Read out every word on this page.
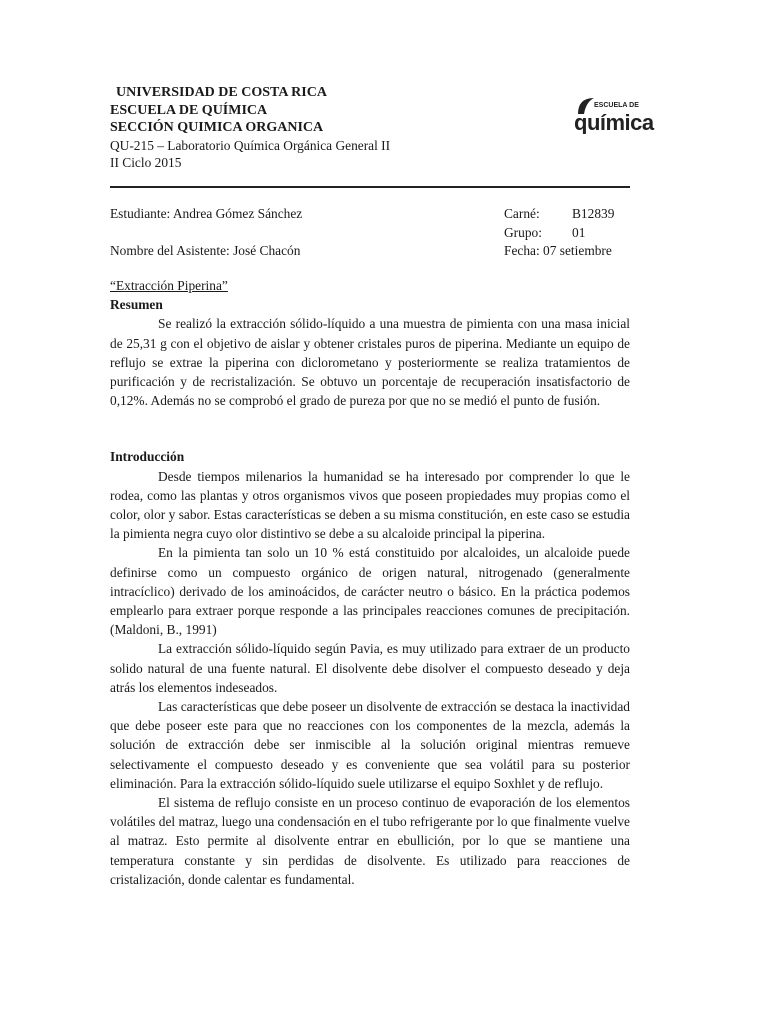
UNIVERSIDAD DE COSTA RICA
ESCUELA DE QUÍMICA
SECCIÓN QUIMICA ORGANICA
QU-215 – Laboratorio Química Orgánica General II
II Ciclo 2015
ESCUELA DE
química
Estudiante: Andrea Gómez Sánchez	Carné: B12839
Grupo: 01
Nombre del Asistente: José Chacón	Fecha: 07 setiembre
“Extracción Piperina”
Resumen

Se realizó la extracción sólido-líquido a una muestra de pimienta con una masa inicial de 25,31 g con el objetivo de aislar y obtener cristales puros de piperina. Mediante un equipo de reflujo se extrae la piperina con diclorometano y posteriormente se realiza tratamientos de purificación y de recristalización. Se obtuvo un porcentaje de recuperación insatisfactorio de 0,12%. Además no se comprobó el grado de pureza por que no se medió el punto de fusión.

Introducción

Desde tiempos milenarios la humanidad se ha interesado por comprender lo que le rodea, como las plantas y otros organismos vivos que poseen propiedades muy propias como el color, olor y sabor. Estas características se deben a su misma constitución, en este caso se estudia la pimienta negra cuyo olor distintivo se debe a su alcaloide principal la piperina.

En la pimienta tan solo un 10 % está constituido por alcaloides, un alcaloide puede definirse como un compuesto orgánico de origen natural, nitrogenado (generalmente intracíclico) derivado de los aminoácidos, de carácter neutro o básico. En la práctica podemos emplearlo para extraer porque responde a las principales reacciones comunes de precipitación. (Maldoni, B., 1991)

La extracción sólido-líquido según Pavia, es muy utilizado para extraer de un producto solido natural de una fuente natural. El disolvente debe disolver el compuesto deseado y deja atrás los elementos indeseados.

Las características que debe poseer un disolvente de extracción se destaca la inactividad que debe poseer este para que no reacciones con los componentes de la mezcla, además la solución de extracción debe ser inmiscible al la solución original mientras remueve selectivamente el compuesto deseado y es conveniente que sea volátil para su posterior eliminación. Para la extracción sólido-líquido suele utilizarse el equipo Soxhlet y de reflujo.

El sistema de reflujo consiste en un proceso continuo de evaporación de los elementos volátiles del matraz, luego una condensación en el tubo refrigerante por lo que finalmente vuelve al matraz. Esto permite al disolvente entrar en ebullición, por lo que se mantiene una temperatura constante y sin perdidas de disolvente. Es utilizado para reacciones de cristalización, donde calentar es fundamental.
